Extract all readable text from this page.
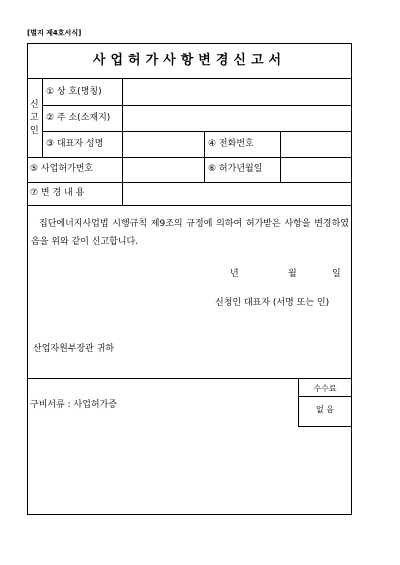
[별지 제4호서식]
사업허가사항변경신고서
신
고
인
① 상 호(명칭)
② 주 소(소재지)
③ 대표자 성명	④ 전화번호
⑤ 사업허가번호	⑥ 허가년월일
⑦ 변 경 내 용
집단에너지사업법 시행규칙 제9조의 규정에 의하여 허가받은 사항을 변경하였음을 위와 같이 신고합니다.
년	월	일
신청인 대표자 (서명 또는 인)
산업자원부장관 귀하
구비서류 : 사업허가증
수수료
없 음
